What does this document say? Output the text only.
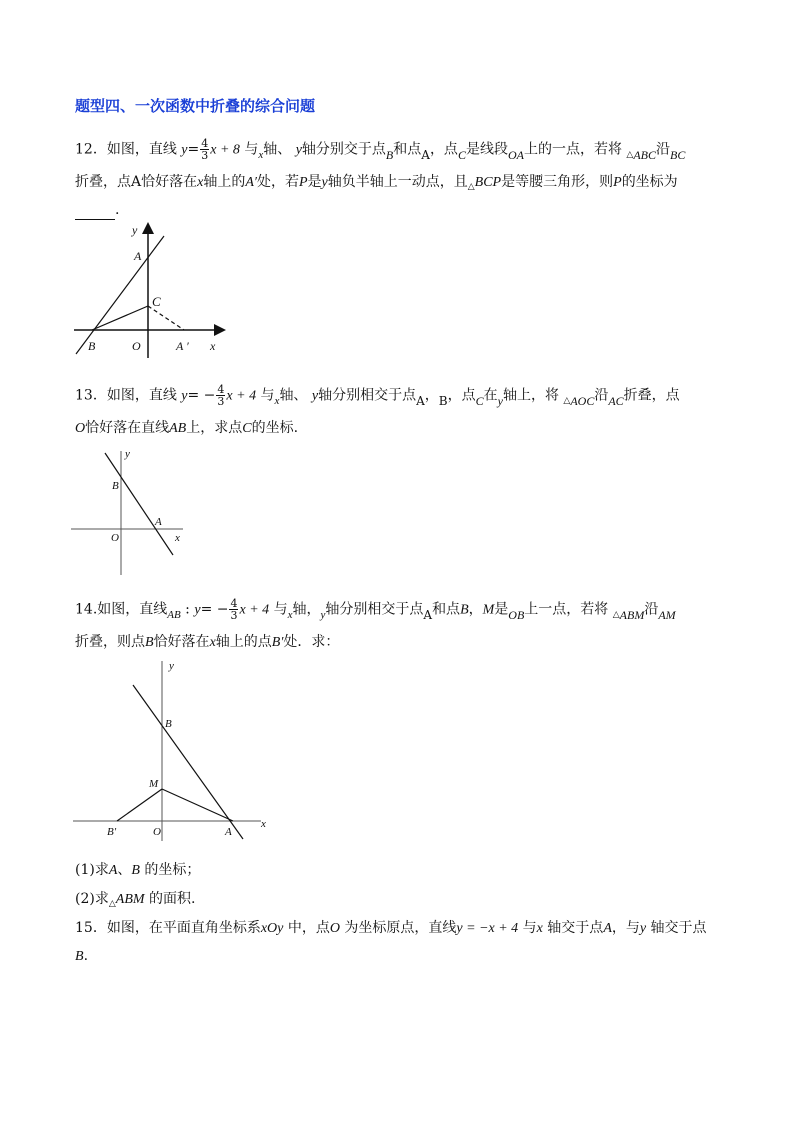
题型四、一次函数中折叠的综合问题
12．如图，直线 $y= \frac{4}{3}$ x + 8 与$_x$轴、 y轴分别交于点B和点A，点C是线段OA上的一点，若将 $_\triangle$ABC沿BC
折叠，点A恰好落在x轴上的A′处，若P是y轴负半轴上一动点，且$_\triangle$BCP是等腰三角形，则P的坐标为
.
y
A
C
B	O	A ′ x
13．如图，直线 $y= - \frac{4}{3}$ x + 4 与$_x$轴、 y轴分别相交于点A，B，点C在y轴上，将 $_\triangle$AOC沿AC折叠，点
O恰好落在直线AB上，求点C的坐标.
y
B
A
O	x
14.如图，直线$_{AB}$ : $y= - \frac{4}{3}$ x + 4 与$_x$轴，$_y$轴分别相交于点A和点B，M是OB上一点，若将 $_\triangle$ABM沿AM
折叠，则点B恰好落在x轴上的点B′处．求：
y
B
M
B′	O	A
x
(1)求A、B 的坐标；
(2)求$_\triangle$ABM 的面积.
15．如图，在平面直角坐标系xOy 中，点O 为坐标原点，直线y = −x + 4 与x 轴交于点A，与y 轴交于点
B.
